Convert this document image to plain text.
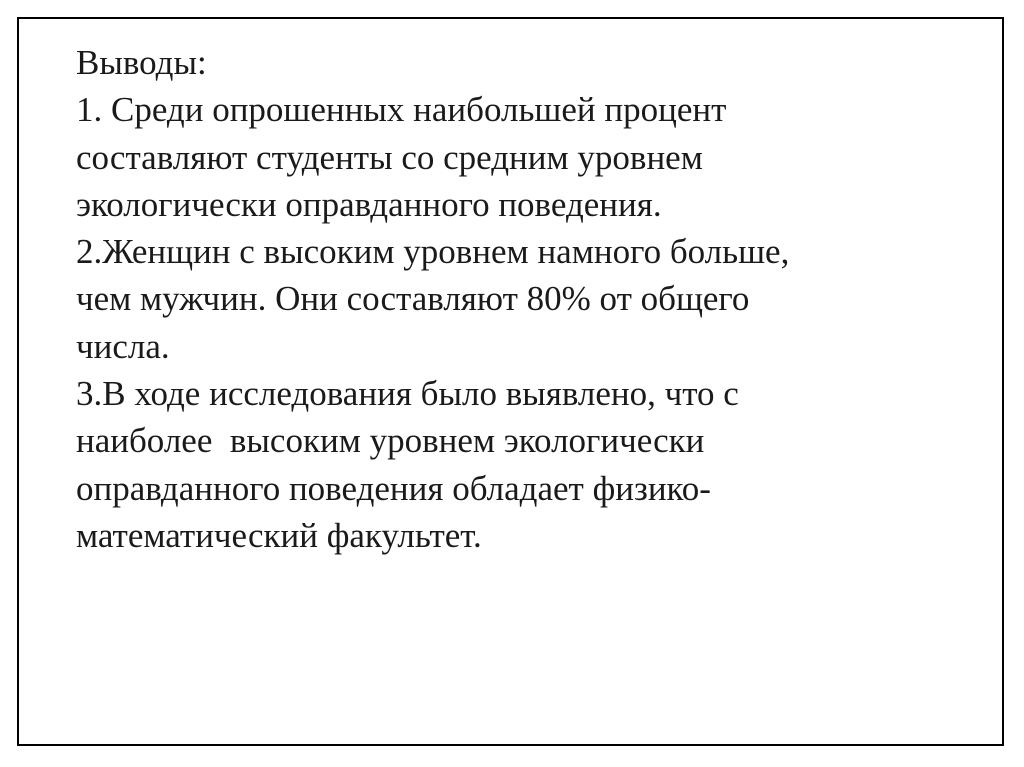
Выводы:
1. Среди опрошенных наибольшей процент
составляют студенты со средним уровнем
экологически оправданного поведения.
2.Женщин с высоким уровнем намного больше,
чем мужчин. Они составляют 80% от общего
числа.
3.В ходе исследования было выявлено, что с
наиболее  высоким уровнем экологически
оправданного поведения обладает физико-
математический факультет.
